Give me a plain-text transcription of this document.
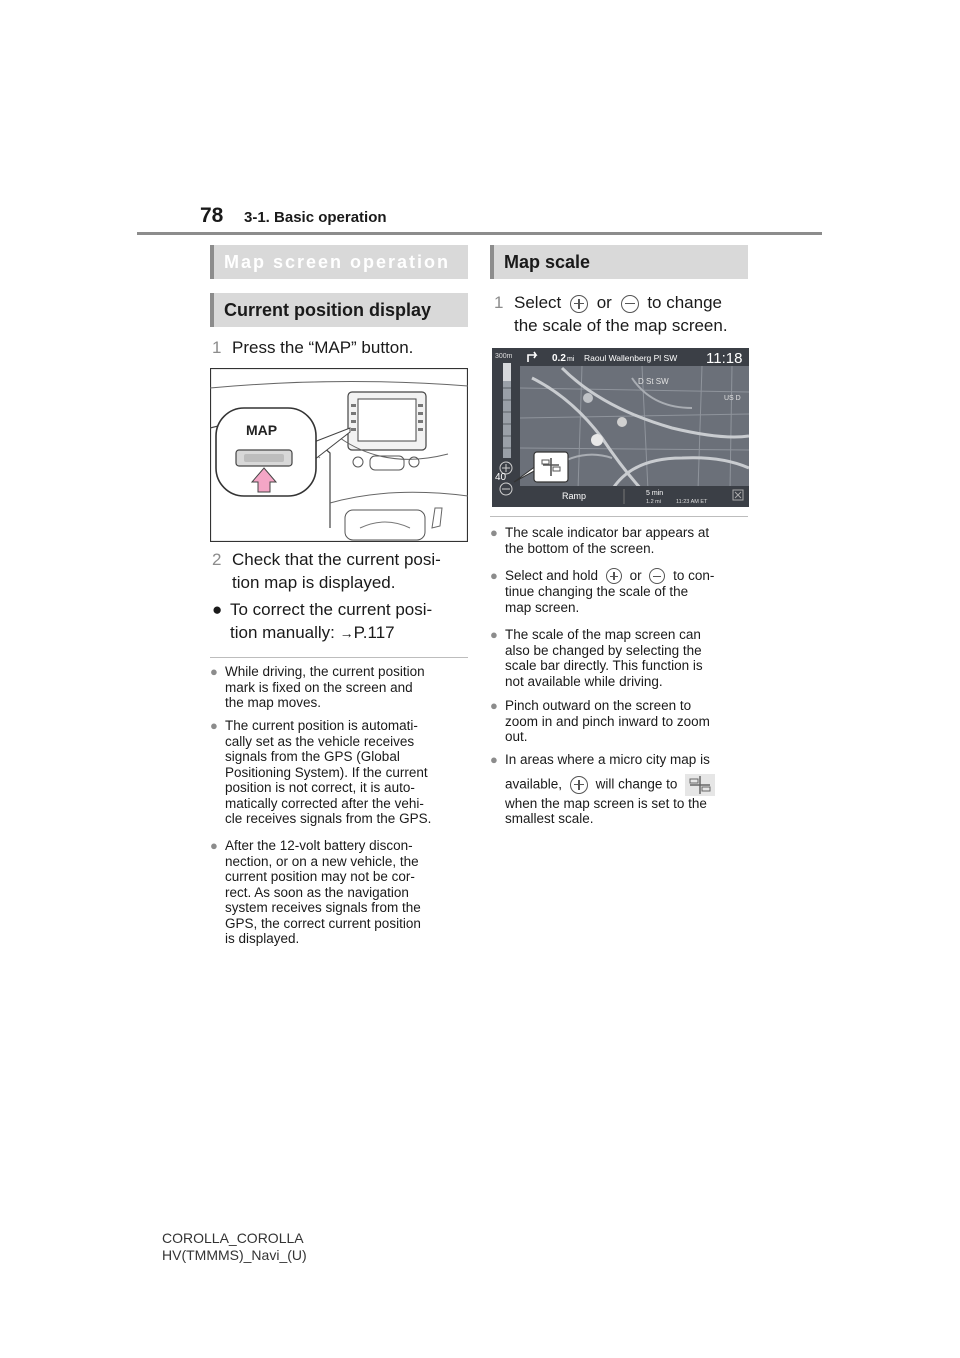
78 3-1. Basic operation
Map screen operation
Current position display
1 Press the “MAP” button.
MAP
2 Check that the current posi-
tion map is displayed.
● To correct the current posi-
tion manually: →P.117
● While driving, the current position
mark is fixed on the screen and
the map moves.
● The current position is automati-
cally set as the vehicle receives
signals from the GPS (Global
Positioning System). If the current
position is not correct, it is auto-
matically corrected after the vehi-
cle receives signals from the GPS.
● After the 12-volt battery discon-
nection, or on a new vehicle, the
current position may not be cor-
rect. As soon as the navigation
system receives signals from the
GPS, the correct current position
is displayed.
Map scale
1 Select or to change
the scale of the map screen.
300m	0.2 mi Raoul Wallenberg Pl SW 11:18
D St SW
US D
Ramp	5 min
1.2 mi	11:23 AM ET
40
● The scale indicator bar appears at
the bottom of the screen.
● Select and hold or to con-
tinue changing the scale of the
map screen.
● The scale of the map screen can
also be changed by selecting the
scale bar directly. This function is
not available while driving.
● Pinch outward on the screen to
zoom in and pinch inward to zoom
out.
● In areas where a micro city map is
available, will change to
when the map screen is set to the
smallest scale.
COROLLA_COROLLA
HV(TMMMS)_Navi_(U)
